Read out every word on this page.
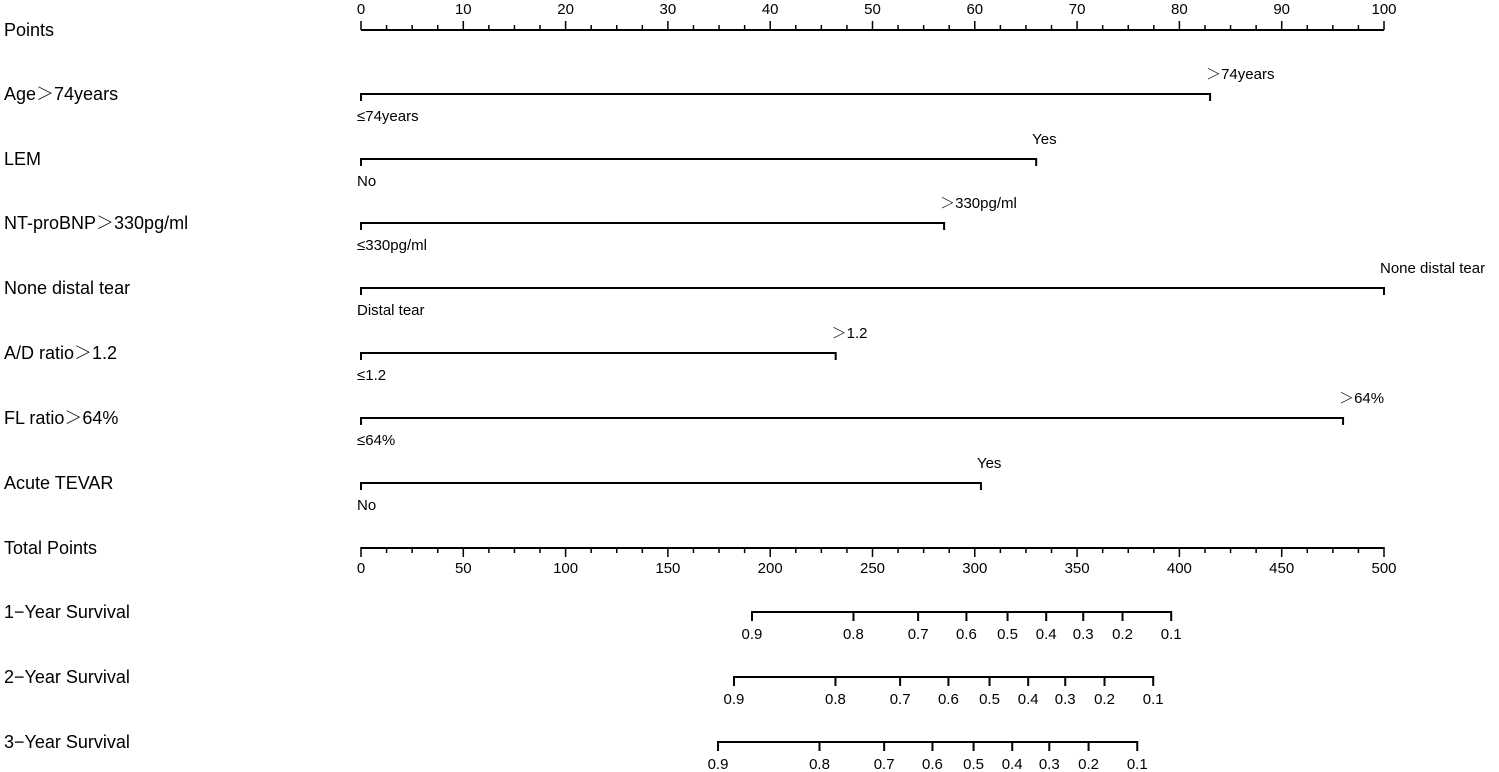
Points
0	10	20	30	40	50	60	70	80	90	100
Age＞74years
≤74years
＞74years
LEM
No
Yes
NT-proBNP＞330pg/ml
≤330pg/ml
＞330pg/ml
None distal tear
Distal tear
None distal tear
A/D ratio＞1.2
≤1.2
＞1.2
FL ratio＞64%
≤64%
＞64%
Acute TEVAR
No
Yes
Total Points
0	50	100	150	200	250	300	350	400	450	500
1−Year Survival
0.9	0.8	0.7 0.6 0.5 0.4 0.3 0.2 0.1
2−Year Survival
0.9	0.8	0.7 0.6 0.5 0.4 0.3 0.2 0.1
3−Year Survival
0.9	0.8	0.7 0.6 0.5 0.4 0.3 0.2 0.1
